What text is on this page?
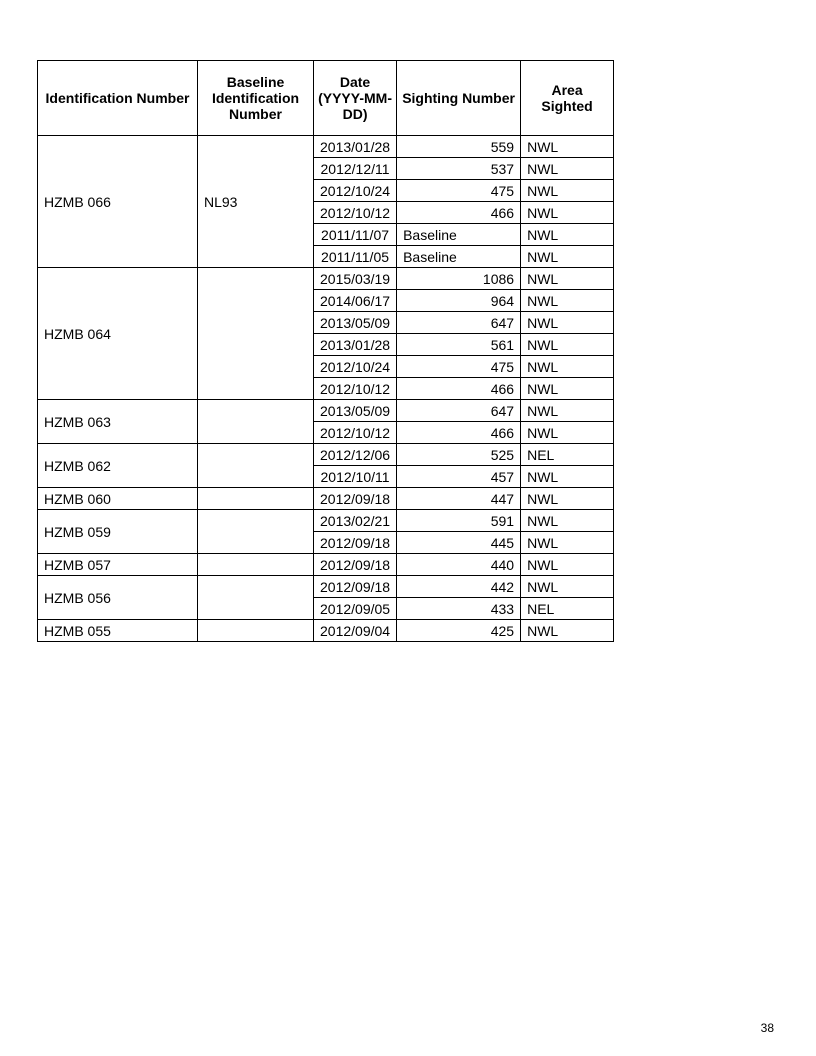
Identification Number	Baseline Identification Number	Date (YYYY-MM-DD)	Sighting Number	Area Sighted
HZMB 066	NL93	2013/01/28	559	NWL
		2012/12/11	537	NWL
		2012/10/24	475	NWL
		2012/10/12	466	NWL
		2011/11/07	Baseline	NWL
		2011/11/05	Baseline	NWL
HZMB 064		2015/03/19	1086	NWL
		2014/06/17	964	NWL
		2013/05/09	647	NWL
		2013/01/28	561	NWL
		2012/10/24	475	NWL
		2012/10/12	466	NWL
HZMB 063		2013/05/09	647	NWL
		2012/10/12	466	NWL
HZMB 062		2012/12/06	525	NEL
		2012/10/11	457	NWL
HZMB 060		2012/09/18	447	NWL
HZMB 059		2013/02/21	591	NWL
		2012/09/18	445	NWL
HZMB 057		2012/09/18	440	NWL
HZMB 056		2012/09/18	442	NWL
		2012/09/05	433	NEL
HZMB 055		2012/09/04	425	NWL
38
